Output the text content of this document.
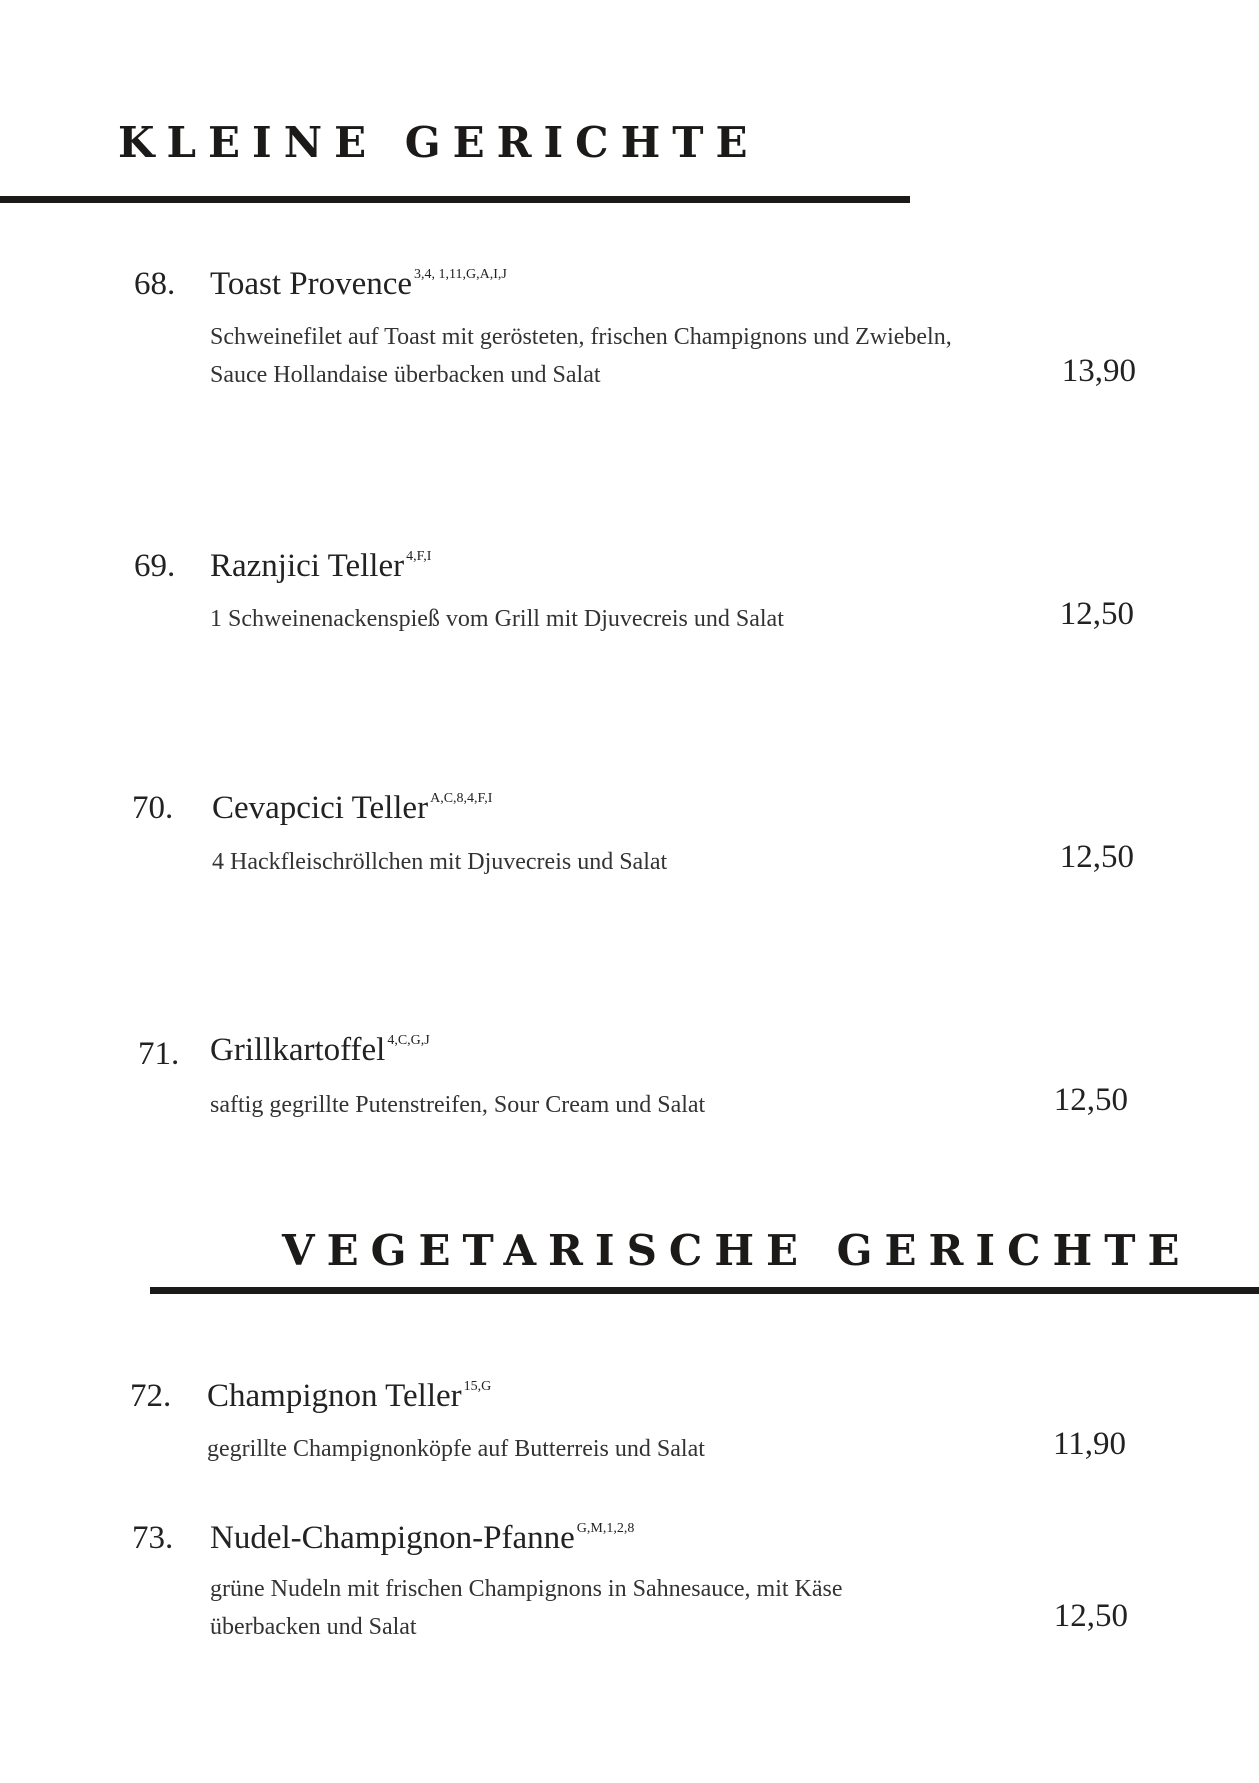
KLEINE GERICHTE
68. Toast Provence $^{3,4, 1,11,G,A,I,J}$
Schweinefilet auf Toast mit gerösteten, frischen Champignons und Zwiebeln,
Sauce Hollandaise überbacken und Salat	13,90
69. Raznjici Teller $^{4,F,I}$
1 Schweinenackenspieß vom Grill mit Djuvecreis und Salat	12,50
70. Cevapcici Teller $^{A,C,8,4,F,I}$
4 Hackfleischröllchen mit Djuvecreis und Salat	12,50
71. Grillkartoffel $^{4,C,G,J}$
saftig gegrillte Putenstreifen, Sour Cream und Salat	12,50
VEGETARISCHE GERICHTE
72. Champignon Teller $^{15,G}$
gegrillte Champignonköpfe auf Butterreis und Salat	11,90
73. Nudel-Champignon-Pfanne $^{G,M,1,2,8}$
grüne Nudeln mit frischen Champignons in Sahnesauce, mit Käse
überbacken und Salat	12,50
